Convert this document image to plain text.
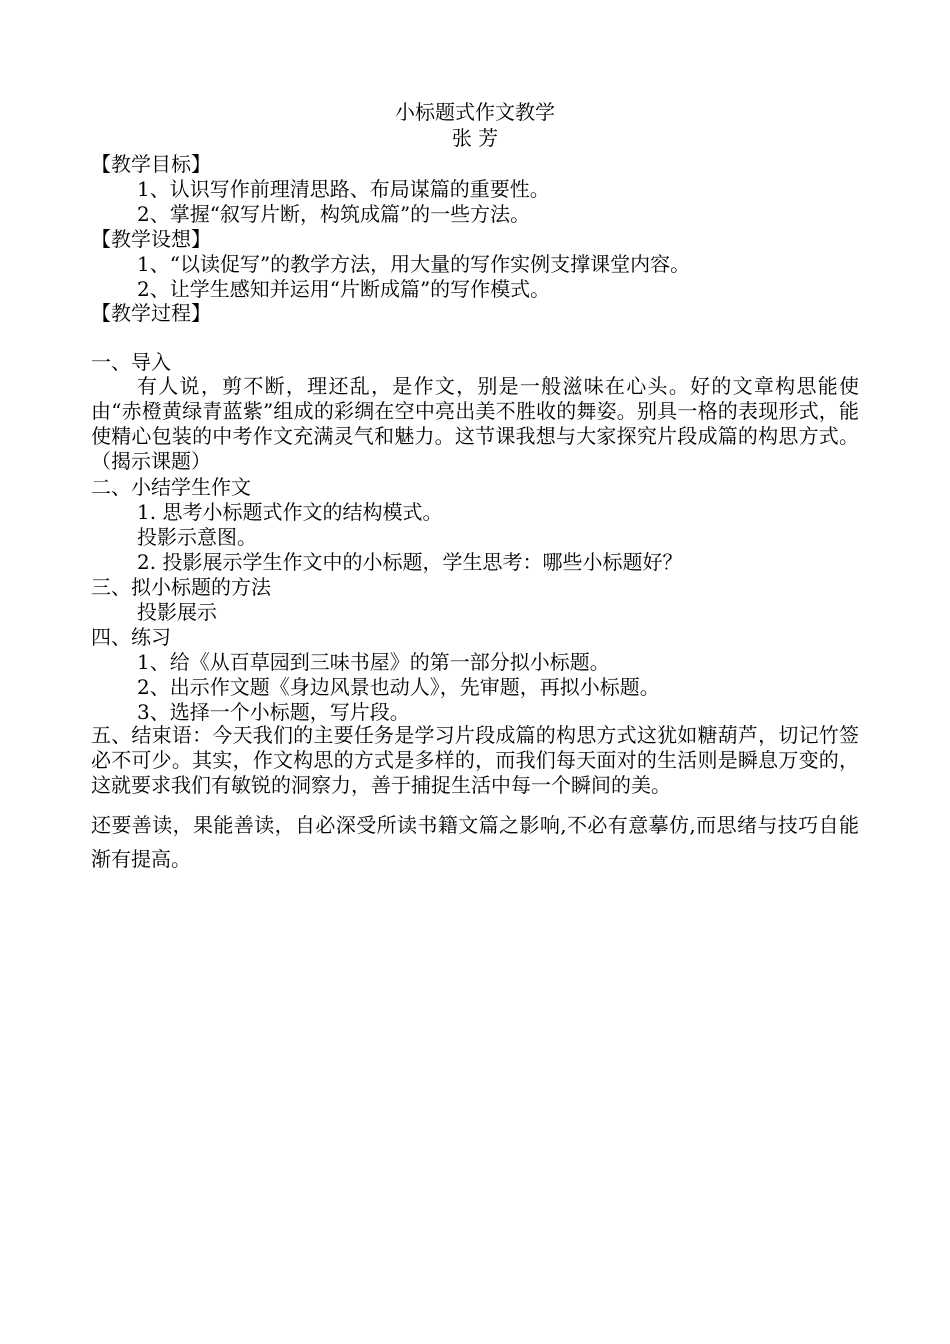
小标题式作文教学

张 芳

【教学目标】

1、认识写作前理清思路、布局谋篇的重要性。

2、掌握“叙写片断，构筑成篇”的一些方法。

【教学设想】

1、“以读促写”的教学方法，用大量的写作实例支撑课堂内容。

2、让学生感知并运用“片断成篇”的写作模式。

【教学过程】

一、导入

有人说，剪不断，理还乱，是作文，别是一般滋味在心头。好的文章构思能使由“赤橙黄绿青蓝紫”组成的彩绸在空中亮出美不胜收的舞姿。别具一格的表现形式，能使精心包装的中考作文充满灵气和魅力。这节课我想与大家探究片段成篇的构思方式。（揭示课题）

二、小结学生作文

1. 思考小标题式作文的结构模式。

投影示意图。

2. 投影展示学生作文中的小标题，学生思考：哪些小标题好？

三、拟小标题的方法

投影展示

四、练习

1、给《从百草园到三味书屋》的第一部分拟小标题。

2、出示作文题《身边风景也动人》，先审题，再拟小标题。

3、选择一个小标题，写片段。

五、结束语：今天我们的主要任务是学习片段成篇的构思方式这犹如糖葫芦，切记竹签必不可少。其实，作文构思的方式是多样的，而我们每天面对的生活则是瞬息万变的，这就要求我们有敏锐的洞察力，善于捕捉生活中每一个瞬间的美。

还要善读，果能善读，自必深受所读书籍文篇之影响,不必有意摹仿,而思绪与技巧自能渐有提高。
